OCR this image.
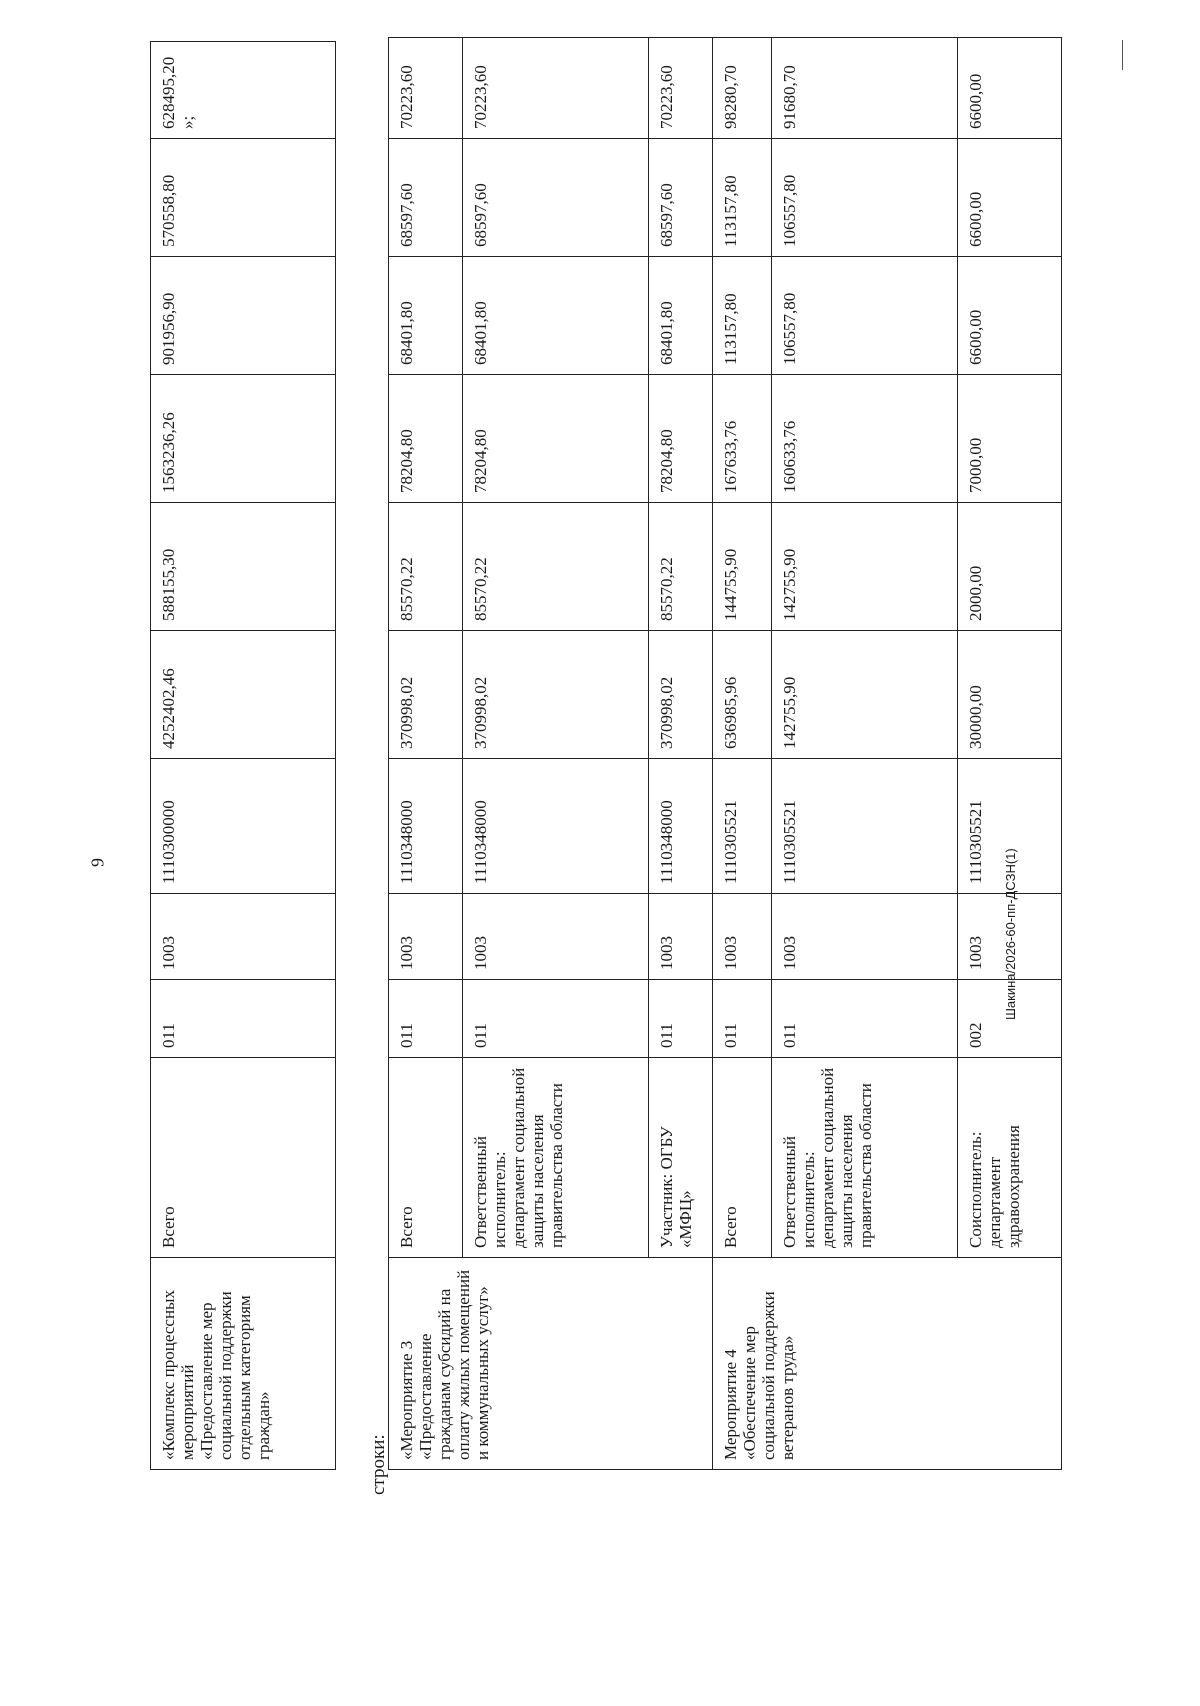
9	Шакина/2026-60-пп-ДСЗН(1)
«Комплекс процессных мероприятий «Предоставление мер социальной поддержки отдельным категориям граждан»	Всего	011	1003	1110300000	4252402,46	588155,30	1563236,26	901956,90	570558,80	628495,20»;
строки:
«Мероприятие 3 «Предоставление гражданам субсидий на оплату жилых помещений и коммунальных услуг»	Всего	011	1003	1110348000	370998,02	85570,22	78204,80	68401,80	68597,60	70223,60
	Ответственный исполнитель: департамент социальной защиты населения правительства области	011	1003	1110348000	370998,02	85570,22	78204,80	68401,80	68597,60	70223,60
	Участник: ОГБУ «МФЦ»	011	1003	1110348000	370998,02	85570,22	78204,80	68401,80	68597,60	70223,60
Мероприятие 4 «Обеспечение мер социальной поддержки ветеранов труда»	Всего	011	1003	1110305521	636985,96	144755,90	167633,76	113157,80	113157,80	98280,70
	Ответственный исполнитель: департамент социальной защиты населения правительства области	011	1003	1110305521	142755,90	142755,90	160633,76	106557,80	106557,80	91680,70
	Соисполнитель: департамент здравоохранения	002	1003	1110305521	30000,00	2000,00	7000,00	6600,00	6600,00	6600,00
